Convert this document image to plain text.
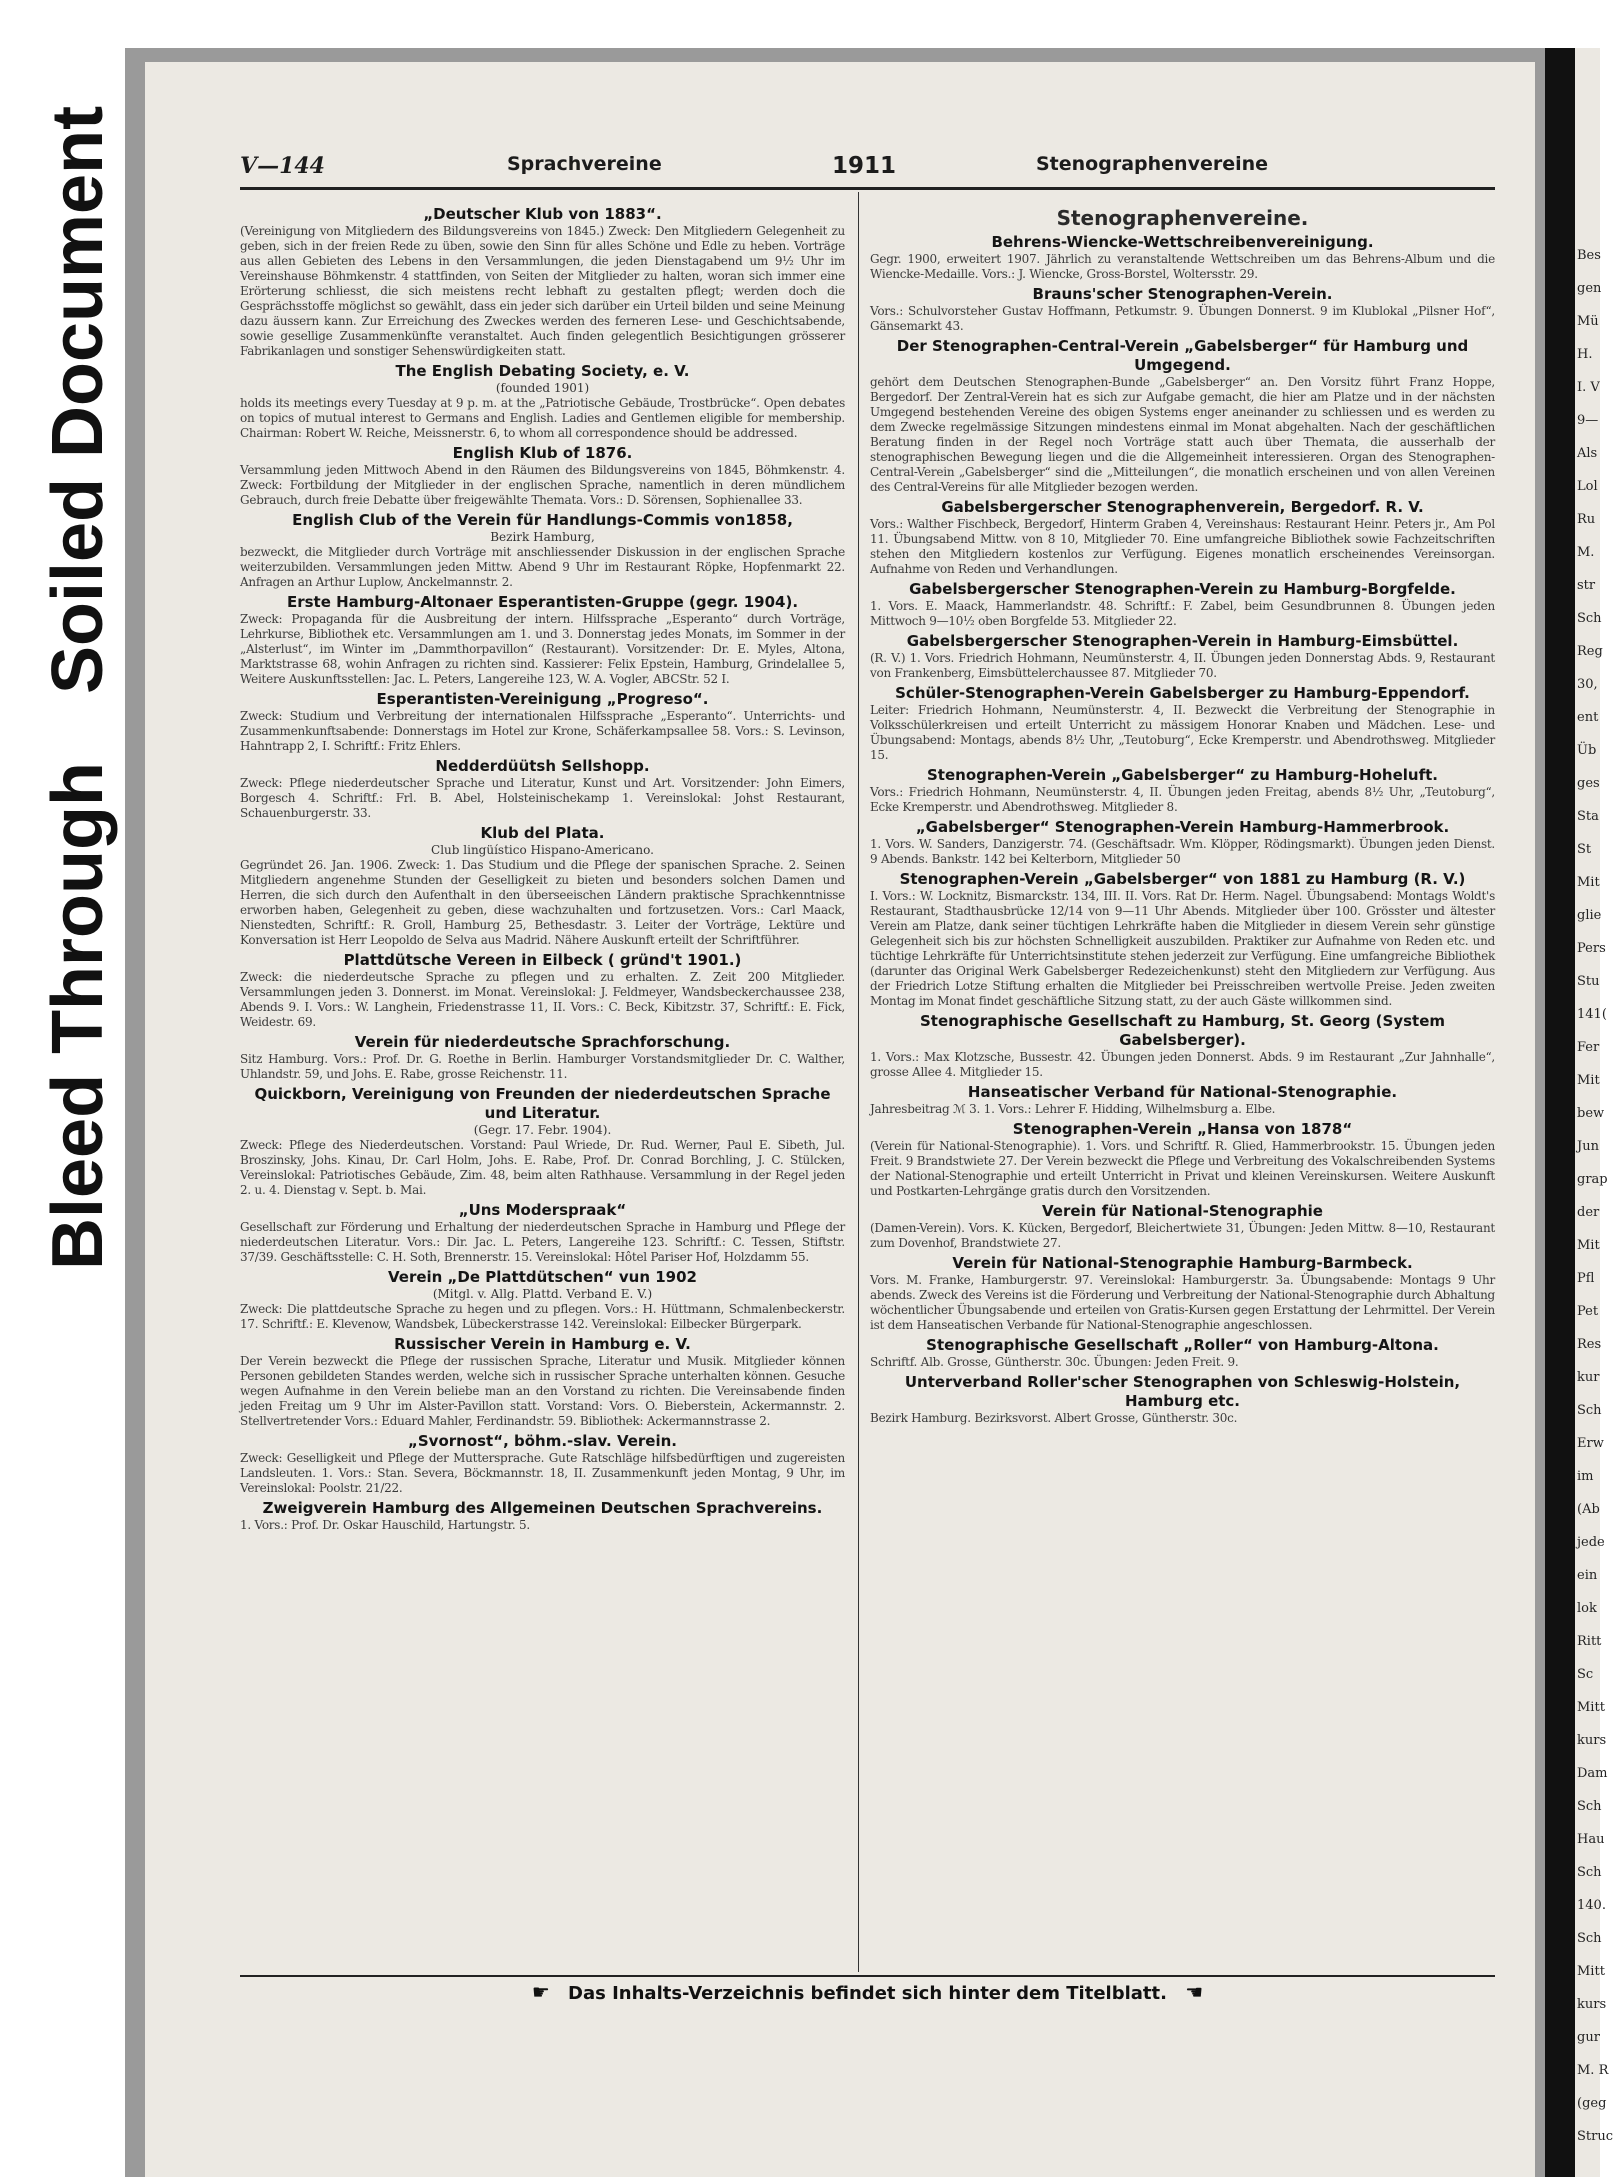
Bleed Through Soiled Document	Bes
gen
Mü
H.
I. V
9—
Als
Lol
Ru
M.
str
Sch
Reg
30,
ent
Üb
ges
Sta
St
Mit
glie
Pers
Stu
141(
Fer
Mit
bew
Jun
grap
der
Mit
Pfl
Pet
Res
kur
Sch
Erw
im
(Ab
jede
ein
lok
Ritt
Sc
Mitt
kurs
Dam
Sch
Hau
Sch
140.
Sch
Mitt
kurs
gur
M. R
(geg
Struc
V—144	Sprachvereine	1911	Stenographenvereine
„Deutscher Klub von 1883“.
(Vereinigung von Mitgliedern des Bildungsvereins von 1845.) Zweck: Den Mitgliedern Gelegenheit zu geben, sich in der freien Rede zu üben, sowie den Sinn für alles Schöne und Edle zu heben. Vorträge aus allen Gebieten des Lebens in den Versammlungen, die jeden Dienstagabend um 9½ Uhr im Vereinshause Böhmkenstr. 4 stattfinden, von Seiten der Mitglieder zu halten, woran sich immer eine Erörterung schliesst, die sich meistens recht lebhaft zu gestalten pflegt; werden doch die Gesprächsstoffe möglichst so gewählt, dass ein jeder sich darüber ein Urteil bilden und seine Meinung dazu äussern kann. Zur Erreichung des Zweckes werden des ferneren Lese- und Geschichtsabende, sowie gesellige Zusammenkünfte veranstaltet. Auch finden gelegentlich Besichtigungen grösserer Fabrikanlagen und sonstiger Sehenswürdigkeiten statt.
The English Debating Society, e. V.
(founded 1901)
holds its meetings every Tuesday at 9 p. m. at the „Patriotische Gebäude, Trostbrücke“. Open debates on topics of mutual interest to Germans and English. Ladies and Gentlemen eligible for membership. Chairman: Robert W. Reiche, Meissnerstr. 6, to whom all correspondence should be addressed.
English Klub of 1876.
Versammlung jeden Mittwoch Abend in den Räumen des Bildungsvereins von 1845, Böhmkenstr. 4. Zweck: Fortbildung der Mitglieder in der englischen Sprache, namentlich in deren mündlichem Gebrauch, durch freie Debatte über freigewählte Themata. Vors.: D. Sörensen, Sophienallee 33.
English Club of the Verein für Handlungs-Commis von1858,
Bezirk Hamburg,
bezweckt, die Mitglieder durch Vorträge mit anschliessender Diskussion in der englischen Sprache weiterzubilden. Versammlungen jeden Mittw. Abend 9 Uhr im Restaurant Röpke, Hopfenmarkt 22. Anfragen an Arthur Luplow, Anckelmannstr. 2.
Erste Hamburg-Altonaer Esperantisten-Gruppe (gegr. 1904).
Zweck: Propaganda für die Ausbreitung der intern. Hilfssprache „Esperanto“ durch Vorträge, Lehrkurse, Bibliothek etc. Versammlungen am 1. und 3. Donnerstag jedes Monats, im Sommer in der „Alsterlust“, im Winter im „Dammthorpavillon“ (Restaurant). Vorsitzender: Dr. E. Myles, Altona, Marktstrasse 68, wohin Anfragen zu richten sind. Kassierer: Felix Epstein, Hamburg, Grindelallee 5, Weitere Auskunftsstellen: Jac. L. Peters, Langereihe 123, W. A. Vogler, ABCStr. 52 I.
Esperantisten-Vereinigung „Progreso“.
Zweck: Studium und Verbreitung der internationalen Hilfssprache „Esperanto“. Unterrichts- und Zusammenkunftsabende: Donnerstags im Hotel zur Krone, Schäferkampsallee 58. Vors.: S. Levinson, Hahntrapp 2, I. Schriftf.: Fritz Ehlers.
Nedderdüütsh Sellshopp.
Zweck: Pflege niederdeutscher Sprache und Literatur, Kunst und Art. Vorsitzender: John Eimers, Borgesch 4. Schriftf.: Frl. B. Abel, Holsteinischekamp 1. Vereinslokal: Johst Restaurant, Schauenburgerstr. 33.
Klub del Plata.
Club lingüístico Hispano-Americano.
Gegründet 26. Jan. 1906. Zweck: 1. Das Studium und die Pflege der spanischen Sprache. 2. Seinen Mitgliedern angenehme Stunden der Geselligkeit zu bieten und besonders solchen Damen und Herren, die sich durch den Aufenthalt in den überseeischen Ländern praktische Sprachkenntnisse erworben haben, Gelegenheit zu geben, diese wachzuhalten und fortzusetzen. Vors.: Carl Maack, Nienstedten, Schriftf.: R. Groll, Hamburg 25, Bethesdastr. 3. Leiter der Vorträge, Lektüre und Konversation ist Herr Leopoldo de Selva aus Madrid. Nähere Auskunft erteilt der Schriftführer.
Plattdütsche Vereen in Eilbeck ( gründ't 1901.)
Zweck: die niederdeutsche Sprache zu pflegen und zu erhalten. Z. Zeit 200 Mitglieder. Versammlungen jeden 3. Donnerst. im Monat. Vereinslokal: J. Feldmeyer, Wandsbeckerchaussee 238, Abends 9. I. Vors.: W. Langhein, Friedenstrasse 11, II. Vors.: C. Beck, Kibitzstr. 37, Schriftf.: E. Fick, Weidestr. 69.
Verein für niederdeutsche Sprachforschung.
Sitz Hamburg. Vors.: Prof. Dr. G. Roethe in Berlin. Hamburger Vorstandsmitglieder Dr. C. Walther, Uhlandstr. 59, und Johs. E. Rabe, grosse Reichenstr. 11.
Quickborn, Vereinigung von Freunden der niederdeutschen Sprache und Literatur.
(Gegr. 17. Febr. 1904).
Zweck: Pflege des Niederdeutschen. Vorstand: Paul Wriede, Dr. Rud. Werner, Paul E. Sibeth, Jul. Broszinsky, Johs. Kinau, Dr. Carl Holm, Johs. E. Rabe, Prof. Dr. Conrad Borchling, J. C. Stülcken, Vereinslokal: Patriotisches Gebäude, Zim. 48, beim alten Rathhause. Versammlung in der Regel jeden 2. u. 4. Dienstag v. Sept. b. Mai.
„Uns Moderspraak“
Gesellschaft zur Förderung und Erhaltung der niederdeutschen Sprache in Hamburg und Pflege der niederdeutschen Literatur. Vors.: Dir. Jac. L. Peters, Langereihe 123. Schriftf.: C. Tessen, Stiftstr. 37/39. Geschäftsstelle: C. H. Soth, Brennerstr. 15. Vereinslokal: Hôtel Pariser Hof, Holzdamm 55.
Verein „De Plattdütschen“ vun 1902
(Mitgl. v. Allg. Plattd. Verband E. V.)
Zweck: Die plattdeutsche Sprache zu hegen und zu pflegen. Vors.: H. Hüttmann, Schmalenbeckerstr. 17. Schriftf.: E. Klevenow, Wandsbek, Lübeckerstrasse 142. Vereinslokal: Eilbecker Bürgerpark.
Russischer Verein in Hamburg e. V.
Der Verein bezweckt die Pflege der russischen Sprache, Literatur und Musik. Mitglieder können Personen gebildeten Standes werden, welche sich in russischer Sprache unterhalten können. Gesuche wegen Aufnahme in den Verein beliebe man an den Vorstand zu richten. Die Vereinsabende finden jeden Freitag um 9 Uhr im Alster-Pavillon statt. Vorstand: Vors. O. Bieberstein, Ackermannstr. 2. Stellvertretender Vors.: Eduard Mahler, Ferdinandstr. 59. Bibliothek: Ackermannstrasse 2.
„Svornost“, böhm.-slav. Verein.
Zweck: Geselligkeit und Pflege der Muttersprache. Gute Ratschläge hilfsbedürftigen und zugereisten Landsleuten. 1. Vors.: Stan. Severa, Böckmannstr. 18, II. Zusammenkunft jeden Montag, 9 Uhr, im Vereinslokal: Poolstr. 21/22.
Zweigverein Hamburg des Allgemeinen Deutschen Sprachvereins.
1. Vors.: Prof. Dr. Oskar Hauschild, Hartungstr. 5.
Stenographenvereine.
Behrens-Wiencke-Wettschreibenvereinigung.
Gegr. 1900, erweitert 1907. Jährlich zu veranstaltende Wettschreiben um das Behrens-Album und die Wiencke-Medaille. Vors.: J. Wiencke, Gross-Borstel, Woltersstr. 29.
Brauns'scher Stenographen-Verein.
Vors.: Schulvorsteher Gustav Hoffmann, Petkumstr. 9. Übungen Donnerst. 9 im Klublokal „Pilsner Hof“, Gänsemarkt 43.
Der Stenographen-Central-Verein „Gabelsberger“ für Hamburg und Umgegend.
gehört dem Deutschen Stenographen-Bunde „Gabelsberger“ an. Den Vorsitz führt Franz Hoppe, Bergedorf. Der Zentral-Verein hat es sich zur Aufgabe gemacht, die hier am Platze und in der nächsten Umgegend bestehenden Vereine des obigen Systems enger aneinander zu schliessen und es werden zu dem Zwecke regelmässige Sitzungen mindestens einmal im Monat abgehalten. Nach der geschäftlichen Beratung finden in der Regel noch Vorträge statt auch über Themata, die ausserhalb der stenographischen Bewegung liegen und die die Allgemeinheit interessieren. Organ des Stenographen-Central-Verein „Gabelsberger“ sind die „Mitteilungen“, die monatlich erscheinen und von allen Vereinen des Central-Vereins für alle Mitglieder bezogen werden.
Gabelsbergerscher Stenographenverein, Bergedorf. R. V.
Vors.: Walther Fischbeck, Bergedorf, Hinterm Graben 4, Vereinshaus: Restaurant Heinr. Peters jr., Am Pol 11. Übungsabend Mittw. von 8 10, Mitglieder 70. Eine umfangreiche Bibliothek sowie Fachzeitschriften stehen den Mitgliedern kostenlos zur Verfügung. Eigenes monatlich erscheinendes Vereinsorgan. Aufnahme von Reden und Verhandlungen.
Gabelsbergerscher Stenographen-Verein zu Hamburg-Borgfelde.
1. Vors. E. Maack, Hammerlandstr. 48. Schriftf.: F. Zabel, beim Gesundbrunnen 8. Übungen jeden Mittwoch 9—10½ oben Borgfelde 53. Mitglieder 22.
Gabelsbergerscher Stenographen-Verein in Hamburg-Eimsbüttel.
(R. V.) 1. Vors. Friedrich Hohmann, Neumünsterstr. 4, II. Übungen jeden Donnerstag Abds. 9, Restaurant von Frankenberg, Eimsbüttelerchaussee 87. Mitglieder 70.
Schüler-Stenographen-Verein Gabelsberger zu Hamburg-Eppendorf.
Leiter: Friedrich Hohmann, Neumünsterstr. 4, II. Bezweckt die Verbreitung der Stenographie in Volksschülerkreisen und erteilt Unterricht zu mässigem Honorar Knaben und Mädchen. Lese- und Übungsabend: Montags, abends 8½ Uhr, „Teutoburg“, Ecke Kremperstr. und Abendrothsweg. Mitglieder 15.
Stenographen-Verein „Gabelsberger“ zu Hamburg-Hoheluft.
Vors.: Friedrich Hohmann, Neumünsterstr. 4, II. Übungen jeden Freitag, abends 8½ Uhr, „Teutoburg“, Ecke Kremperstr. und Abendrothsweg. Mitglieder 8.
„Gabelsberger“ Stenographen-Verein Hamburg-Hammerbrook.
1. Vors. W. Sanders, Danzigerstr. 74. (Geschäftsadr. Wm. Klöpper, Rödingsmarkt). Übungen jeden Dienst. 9 Abends. Bankstr. 142 bei Kelterborn, Mitglieder 50
Stenographen-Verein „Gabelsberger“ von 1881 zu Hamburg (R. V.)
I. Vors.: W. Locknitz, Bismarckstr. 134, III. II. Vors. Rat Dr. Herm. Nagel. Übungsabend: Montags Woldt's Restaurant, Stadthausbrücke 12/14 von 9—11 Uhr Abends. Mitglieder über 100. Grösster und ältester Verein am Platze, dank seiner tüchtigen Lehrkräfte haben die Mitglieder in diesem Verein sehr günstige Gelegenheit sich bis zur höchsten Schnelligkeit auszubilden. Praktiker zur Aufnahme von Reden etc. und tüchtige Lehrkräfte für Unterrichtsinstitute stehen jederzeit zur Verfügung. Eine umfangreiche Bibliothek (darunter das Original Werk Gabelsberger Redezeichenkunst) steht den Mitgliedern zur Verfügung. Aus der Friedrich Lotze Stiftung erhalten die Mitglieder bei Preisschreiben wertvolle Preise. Jeden zweiten Montag im Monat findet geschäftliche Sitzung statt, zu der auch Gäste willkommen sind.
Stenographische Gesellschaft zu Hamburg, St. Georg (System Gabelsberger).
1. Vors.: Max Klotzsche, Bussestr. 42. Übungen jeden Donnerst. Abds. 9 im Restaurant „Zur Jahnhalle“, grosse Allee 4. Mitglieder 15.
Hanseatischer Verband für National-Stenographie.
Jahresbeitrag ℳ 3. 1. Vors.: Lehrer F. Hidding, Wilhelmsburg a. Elbe.
Stenographen-Verein „Hansa von 1878“
(Verein für National-Stenographie). 1. Vors. und Schriftf. R. Glied, Hammerbrookstr. 15. Übungen jeden Freit. 9 Brandstwiete 27. Der Verein bezweckt die Pflege und Verbreitung des Vokalschreibenden Systems der National-Stenographie und erteilt Unterricht in Privat und kleinen Vereinskursen. Weitere Auskunft und Postkarten-Lehrgänge gratis durch den Vorsitzenden.
Verein für National-Stenographie
(Damen-Verein). Vors. K. Kücken, Bergedorf, Bleichertwiete 31, Übungen: Jeden Mittw. 8—10, Restaurant zum Dovenhof, Brandstwiete 27.
Verein für National-Stenographie Hamburg-Barmbeck.
Vors. M. Franke, Hamburgerstr. 97. Vereinslokal: Hamburgerstr. 3a. Übungsabende: Montags 9 Uhr abends. Zweck des Vereins ist die Förderung und Verbreitung der National-Stenographie durch Abhaltung wöchentlicher Übungsabende und erteilen von Gratis-Kursen gegen Erstattung der Lehrmittel. Der Verein ist dem Hanseatischen Verbande für National-Stenographie angeschlossen.
Stenographische Gesellschaft „Roller“ von Hamburg-Altona.
Schriftf. Alb. Grosse, Güntherstr. 30c. Übungen: Jeden Freit. 9.
Unterverband Roller'scher Stenographen von Schleswig-Holstein, Hamburg etc.
Bezirk Hamburg. Bezirksvorst. Albert Grosse, Güntherstr. 30c.
☛ Das Inhalts-Verzeichnis befindet sich hinter dem Titelblatt. ☚
